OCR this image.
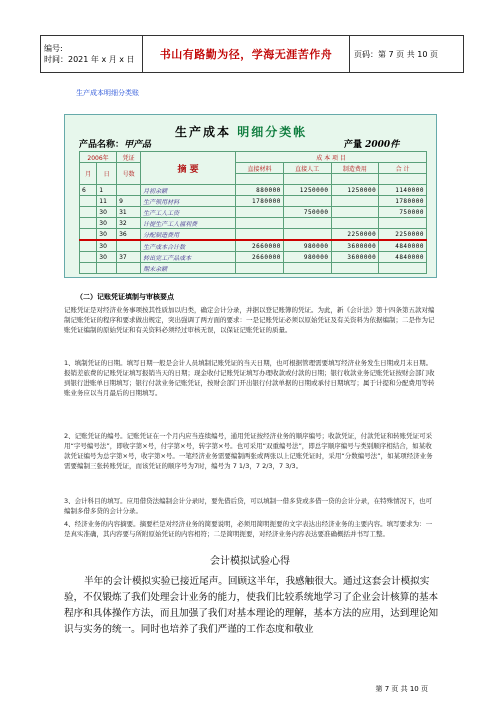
编号:
时间：2021 年 x 月 x 日	书山有路勤为径，学海无涯苦作舟	页码：第 7 页 共 10 页
生产成本明细分类账
生产成本 明细分类帐
产品名称：甲产品	产量 2000件
2006年		凭证	摘 要	成 本 项 目			
月	日	号数		直接材料	直接人工	制造费用	合 计

6	1		月初余额	880000	1250000	1250000	1140000
	11	9	生产领用材料	1780000			1780000
	30	31	生产工人工资		750000		750000
	30	32	计提生产工人福利费				
	30	36	分配制造费用			2250000	2250000
	30		生产成本合计数	2660000	980000	3600000	4840000
	30	37	转出完工产品成本	2660000	980000	3600000	4840000
			期末余额				
（二）记账凭证填制与审核要点
记账凭证是对经济业务事项按其性质加以归类，确定会计分录，并据以登记账簿的凭证。为此，新《会计法》第十四条第五款对编制记账凭证的程序和要求做出规定，突出强调了两方面的要求：一是记账凭证必须以原始凭证及有关资料为依据编制；二是作为记账凭证编制的原始凭证和有关资料必须经过审核无误，以保证记账凭证的质量。
1、填制凭证的日期。填写日期一般是会计人员填制记账凭证的当天日期，也可根据管理需要填写经济业务发生日期或月末日期。报销差旅费的记账凭证填写报销当天的日期；现金收付记账凭证填写办理收款或付款的日期；银行收款业务记账凭证按财会部门收到银行进账单日期填写；银行付款业务记账凭证，按财会部门开出银行付款单据的日期或承付日期填写；属于计提和分配费用等转账业务应以当月最后的日期填写。
2、记账凭证的编号。记账凭证在一个月内应当连续编号，通用凭证按经济业务的顺序编号；收款凭证，付款凭证和转账凭证可采用“字号编号法”，即收字第×号，付字第×号，转字第×号。也可采用“双重编号法”，即总字顺序编号与类别顺序相结合，如某收款凭证编号为总字第×号，收字第×号。一笔经济业务需要编制两张或两张以上记账凭证时，采用“分数编号法”，如某项经济业务需要编制三张转账凭证，而该凭证的顺序号为7时，编号为 7 1/3，7 2/3，7 3/3。
3、会计科目的填写。应用借贷法编制会计分录时，要先借后贷，可以填制一借多贷或多借一贷的会计分录，在特殊情况下，也可编制多借多贷的会计分录。
4、经济业务的内容摘要。摘要栏是对经济业务的简要说明，必须用简明扼要的文字表达出经济业务的主要内容。填写要求为：一是真实准确，其内容要与所附原始凭证的内容相符；二是简明扼要，对经济业务内容表达要准确概括并书写工整。
会计模拟试验心得
半年的会计模拟实验已接近尾声。回顾这半年，我感触很大。通过这套会计模拟实验，不仅锻炼了我们处理会计业务的能力，使我们比较系统地学习了企业会计核算的基本程序和具体操作方法，而且加强了我们对基本理论的理解，基本方法的应用，达到理论知识与实务的统一。同时也培养了我们严谨的工作态度和敬业
第 7 页 共 10 页
